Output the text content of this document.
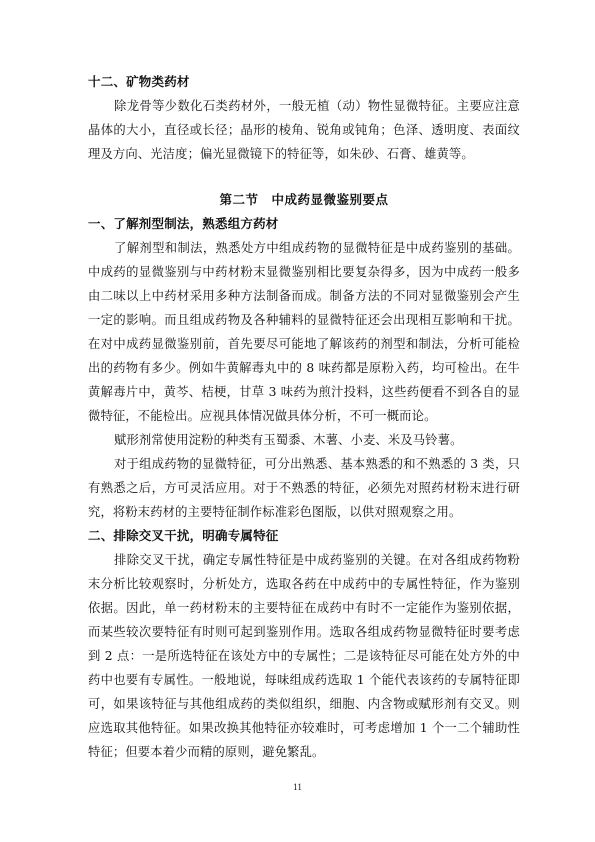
十二、矿物类药材

除龙骨等少数化石类药材外，一般无植（动）物性显微特征。主要应注意晶体的大小，直径或长径；晶形的棱角、锐角或钝角；色泽、透明度、表面纹理及方向、光洁度；偏光显微镜下的特征等，如朱砂、石膏、雄黄等。

第二节　中成药显微鉴别要点
一、了解剂型制法，熟悉组方药材

了解剂型和制法，熟悉处方中组成药物的显微特征是中成药鉴别的基础。中成药的显微鉴别与中药材粉末显微鉴别相比要复杂得多，因为中成药一般多由二味以上中药材采用多种方法制备而成。制备方法的不同对显微鉴别会产生一定的影响。而且组成药物及各种辅料的显微特征还会出现相互影响和干扰。在对中成药显微鉴别前，首先要尽可能地了解该药的剂型和制法，分析可能检出的药物有多少。例如牛黄解毒丸中的 8 味药都是原粉入药，均可检出。在牛黄解毒片中，黄芩、桔梗，甘草 3 味药为煎汁投料，这些药便看不到各自的显微特征，不能检出。应视具体情况做具体分析，不可一概而论。

赋形剂常使用淀粉的种类有玉蜀黍、木薯、小麦、米及马铃薯。

对于组成药物的显微特征，可分出熟悉、基本熟悉的和不熟悉的 3 类，只有熟悉之后，方可灵活应用。对于不熟悉的特征，必须先对照药材粉末进行研究，将粉末药材的主要特征制作标准彩色图版，以供对照观察之用。

二、排除交叉干扰，明确专属特征

排除交叉干扰，确定专属性特征是中成药鉴别的关键。在对各组成药物粉末分析比较观察时，分析处方，选取各药在中成药中的专属性特征，作为鉴别依据。因此，单一药材粉末的主要特征在成药中有时不一定能作为鉴别依据，而某些较次要特征有时则可起到鉴别作用。选取各组成药物显微特征时要考虑到 2 点：一是所选特征在该处方中的专属性；二是该特征尽可能在处方外的中药中也要有专属性。一般地说，每味组成药选取 1 个能代表该药的专属特征即可，如果该特征与其他组成药的类似组织，细胞、内含物或赋形剂有交叉。则应选取其他特征。如果改换其他特征亦较难时，可考虑增加 1 个一二个辅助性特征；但要本着少而精的原则，避免繁乱。

11
